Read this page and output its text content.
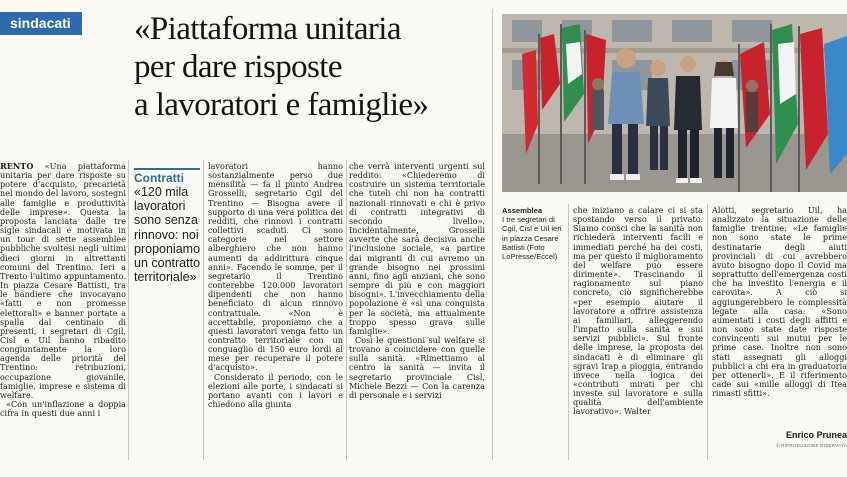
sindacati	«Piattaforma unitaria
per dare risposte
a lavoratori e famiglie»

RENTO «Una piattaforma unitaria per dare risposte su potere d'acquisto, precarietà nel mondo del lavoro, sostegni alle famiglie e produttività delle imprese». Questa la proposta lanciata dalle tre sigle sindacali e motivata in un tour di sette assemblee pubbliche svoltesi negli ultimi dieci giorni in altrettanti comuni del Trentino. Ieri a Trento l'ultimo appuntamento. In piazza Cesare Battisti, tra le bandiere che invocavano «fatti e non promesse elettorali» e banner portate a spalla dal centinaio di presenti, i segretari di Cgil, Cisl e Uil hanno ribadito congiuntamente la loro agenda delle priorità del Trentino: retribuzioni, occupazione giovanile, famiglie, imprese e sistema di welfare.

«Con un'inflazione a doppia cifra in questi due anni i

Contratti
«120 mila lavoratori sono senza rinnovo: noi proponiamo un contratto territoriale»

lavoratori hanno sostanzialmente perso due mensilità — fa il punto Andrea Grosselli, segretario Cgil del Trentino — Bisogna avere il supporto di una vera politica dei redditi, che rinnovi i contratti collettivi scaduti. Ci sono categorie nel settore alberghiero che non hanno aumenti da addirittura cinque anni». Facendo le somme, per il segretario il Trentino conterebbe 120.000 lavoratori dipendenti che non hanno beneficiato di alcun rinnovo contrattuale. «Non è accettabile, proponiamo che a questi lavoratori venga fatto un contratto territoriale con un conguaglio di 150 euro lordi al mese per recuperare il potere d'acquisto».

Considerato il periodo, con le elezioni alle porte, i sindacati si portano avanti con i lavori e chiedono alla giunta

che verrà interventi urgenti sul reddito: «Chiederemo di costruire un sistema territoriale che tuteli chi non ha contratti nazionali rinnovati e chi è privo di contratti integrativi di secondo livello». Incidentalmente, Grosselli avverte che sarà decisiva anche l'inclusione sociale, «a partire dai migranti di cui avremo un grande bisogno nei prossimi anni, fino agli anziani, che sono sempre di più e con maggiori bisogni». L'invecchiamento della popolazione è «sì una conquista per la società, ma attualmente troppo spesso grava sulle famiglie».

Così le questioni sul welfare si trovano a coincidere con quelle sulla sanità. «Rimettiamo al centro la sanità — invita il segretario provinciale Cisl, Michele Bezzi — Con la carenza di personale e i servizi

Assemblea
I tre segretari di Cgil, Cisl e Uil ieri in piazza Cesare Battisti (Foto LoPresse/Eccel)

che iniziano a calare ci si sta spostando verso il privato. Siamo consci che la sanità non richiederà interventi facili e immediati perché ha dei costi, ma per questo il miglioramento del welfare può essere dirimente». Trascinando il ragionamento sul piano concreto, ciò significherebbe «per esempio aiutare il lavoratore a offrire assistenza ai familiari, alleggerendo l'impatto sulla sanità e sui servizi pubblici». Sul fronte delle imprese, la proposta dei sindacati è di eliminare gli sgravi Irap a pioggia, entrando invece nella logica dei «contributi mirati per chi investe sul lavoratore e sulla qualità dell'ambiente lavorativo». Walter

Alotti, segretario Uil, ha analizzato la situazione delle famiglie trentine: «Le famiglie non sono state le prime destinatarie degli aiuti provinciali di cui avrebbero avuto bisogno dopo il Covid ma soprattutto dell'emergenza costi che ha investito l'energia e il carovita». A ciò si aggiungerebbero le complessità legate alla casa: «Sono aumentati i costi degli affitti e non sono state date risposte convincenti sui mutui per le prime case. Inoltre non sono stati assegnati gli alloggi pubblici a chi era in graduatoria per ottenerli». E il riferimento cade sui «mille alloggi di Itea rimasti sfitti».

Enrico Prunea
© RIPRODUZIONE RISERVATA
